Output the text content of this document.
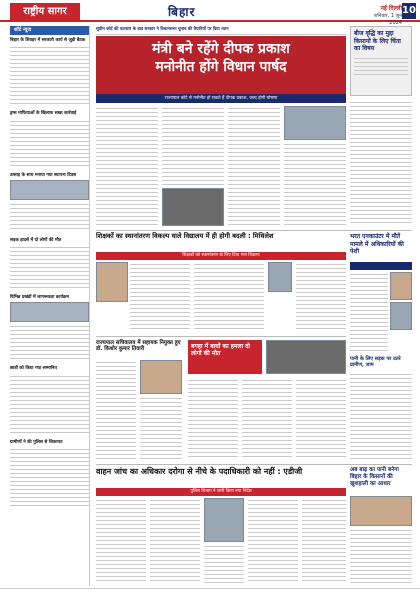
राष्ट्रीय सागर	बिहार	नई दिल्ली
शनिवार, 1 जून 2024
10
शॉर्ट न्यूज
बिहार के शिवहर में सरकारी कार्य से जुड़ी बैठक
ड्रग्स माफियाओं के खिलाफ सख्त कार्रवाई
उत्साह के साथ मनाया गया स्थापना दिवस
सड़क हादसे में दो लोगों की मौत
विभिन्न प्रखंडों में जागरूकता कार्यक्रम
छात्रों को किया गया सम्मानित
ग्रामीणों ने की पुलिस से शिकायत
सुप्रीम कोर्ट की फटकार के बाद सरकार ने विधानसभा चुनाव की तैयारियों पर दिया ध्यान
मंत्री बने रहेंगे दीपक प्रकाश
मनोनीत होंगे विधान पार्षद
राज्यपाल कोटे से मनोनीत हो सकते हैं दीपक प्रकाश, जल्द होगी घोषणा
बीज वृद्धि का मुद्दा किसानों के लिए चिंता का विषय
शिक्षकों का स्थानांतरण विकल्प वाले विद्यालय में ही होगी बदली : मिथिलेश
शिक्षकों को स्थानांतरण के लिए दिया गया विकल्प
भरत एनकाउंटर में मौतें मामले में अधिकारियों की पेशी
राज्यपाल सचिवालय में सहायक नियुक्त हुए डॉ. किशोर कुमार तिवारी	बगहा में बाघों का हमला दो लोगों की मौत
पानी के लिए सड़क पर उतरे ग्रामीण, जाम
वाहन जांच का अधिकार दरोगा से नीचे के पदाधिकारी को नहीं : एडीजी
पुलिस विभाग ने जारी किया नया निर्देश
अब बाढ़ का पानी बनेगा बिहार के किसानों की खुशहाली का आधार
